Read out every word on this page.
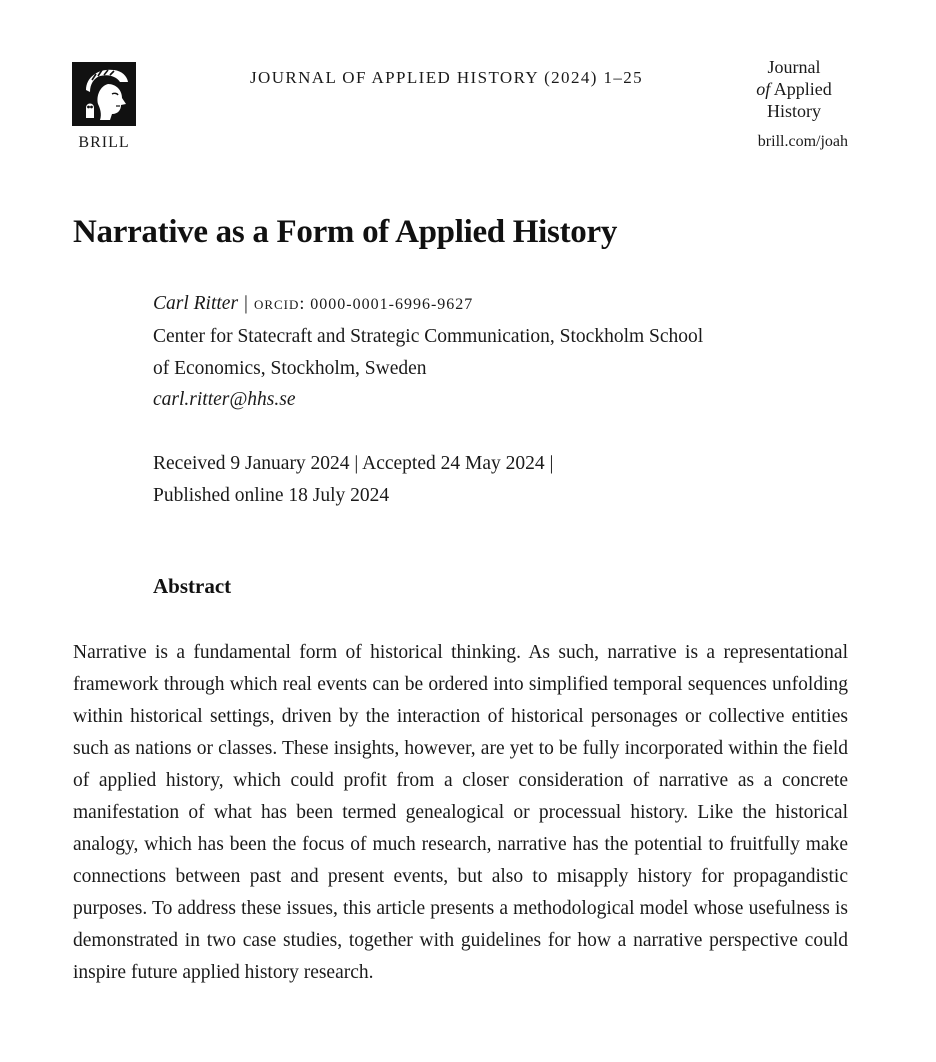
BRILL
JOURNAL OF APPLIED HISTORY (2024) 1–25
Journal
of Applied
History
brill.com/joah
Narrative as a Form of Applied History
Carl Ritter | orcid: 0000-0001-6996-9627
Center for Statecraft and Strategic Communication, Stockholm School
of Economics, Stockholm, Sweden
carl.ritter@hhs.se
Received 9 January 2024 | Accepted 24 May 2024 |
Published online 18 July 2024
Abstract

Narrative is a fundamental form of historical thinking. As such, narrative is a representational framework through which real events can be ordered into simplified temporal sequences unfolding within historical settings, driven by the interaction of historical personages or collective entities such as nations or classes. These insights, however, are yet to be fully incorporated within the field of applied history, which could profit from a closer consideration of narrative as a concrete manifestation of what has been termed genealogical or processual history. Like the historical analogy, which has been the focus of much research, narrative has the potential to fruitfully make connections between past and present events, but also to misapply history for propagandistic purposes. To address these issues, this article presents a methodological model whose usefulness is demonstrated in two case studies, together with guidelines for how a narrative perspective could inspire future applied history research.
